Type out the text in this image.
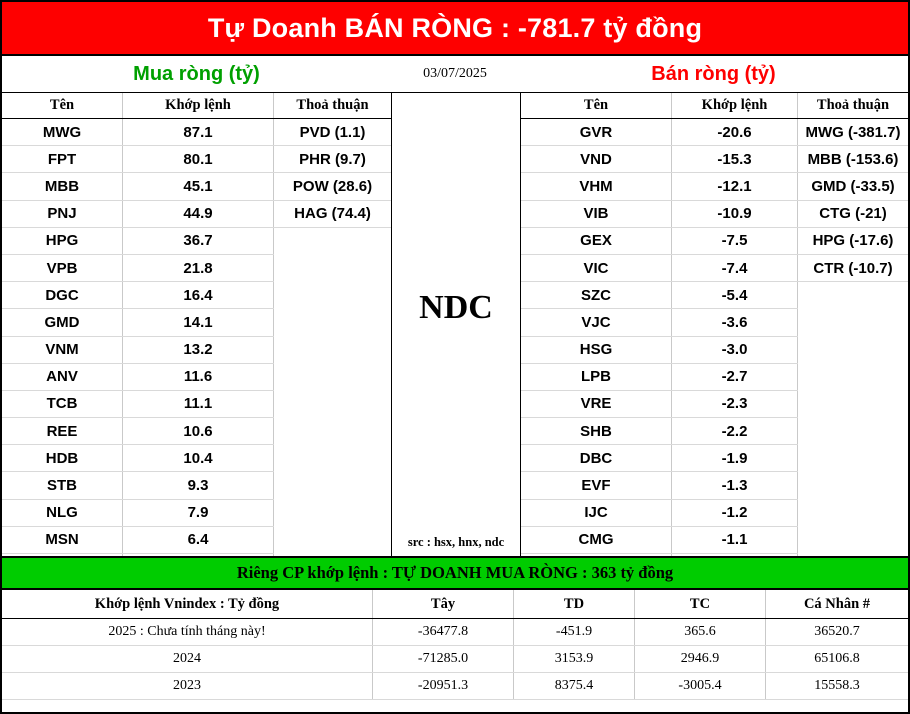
Tự Doanh BÁN RÒNG : -781.7 tỷ đồng
Mua ròng (tỷ)	03/07/2025	Bán ròng (tỷ)
Tên	Khớp lệnh	Thoả thuận
MWG	87.1	PVD (1.1)
FPT	80.1	PHR (9.7)
MBB	45.1	POW (28.6)
PNJ	44.9	HAG (74.4)
HPG	36.7	
VPB	21.8	
DGC	16.4	
GMD	14.1	
VNM	13.2	
ANV	11.6	
TCB	11.1	
REE	10.6	
HDB	10.4	
STB	9.3	
NLG	7.9	
MSN	6.4	

NDC
src : hsx, hnx, ndc
Tên	Khớp lệnh	Thoả thuận
GVR	-20.6	MWG (-381.7)
VND	-15.3	MBB (-153.6)
VHM	-12.1	GMD (-33.5)
VIB	-10.9	CTG (-21)
GEX	-7.5	HPG (-17.6)
VIC	-7.4	CTR (-10.7)
SZC	-5.4	
VJC	-3.6	
HSG	-3.0	
LPB	-2.7	
VRE	-2.3	
SHB	-2.2	
DBC	-1.9	
EVF	-1.3	
IJC	-1.2	
CMG	-1.1	

Riêng CP khớp lệnh : TỰ DOANH MUA RÒNG : 363 tỷ đồng
Khớp lệnh Vnindex : Tỷ đồng	Tây	TD	TC	Cá Nhân #
2025 : Chưa tính tháng này!	-36477.8	-451.9	365.6	36520.7
2024	-71285.0	3153.9	2946.9	65106.8
2023	-20951.3	8375.4	-3005.4	15558.3
